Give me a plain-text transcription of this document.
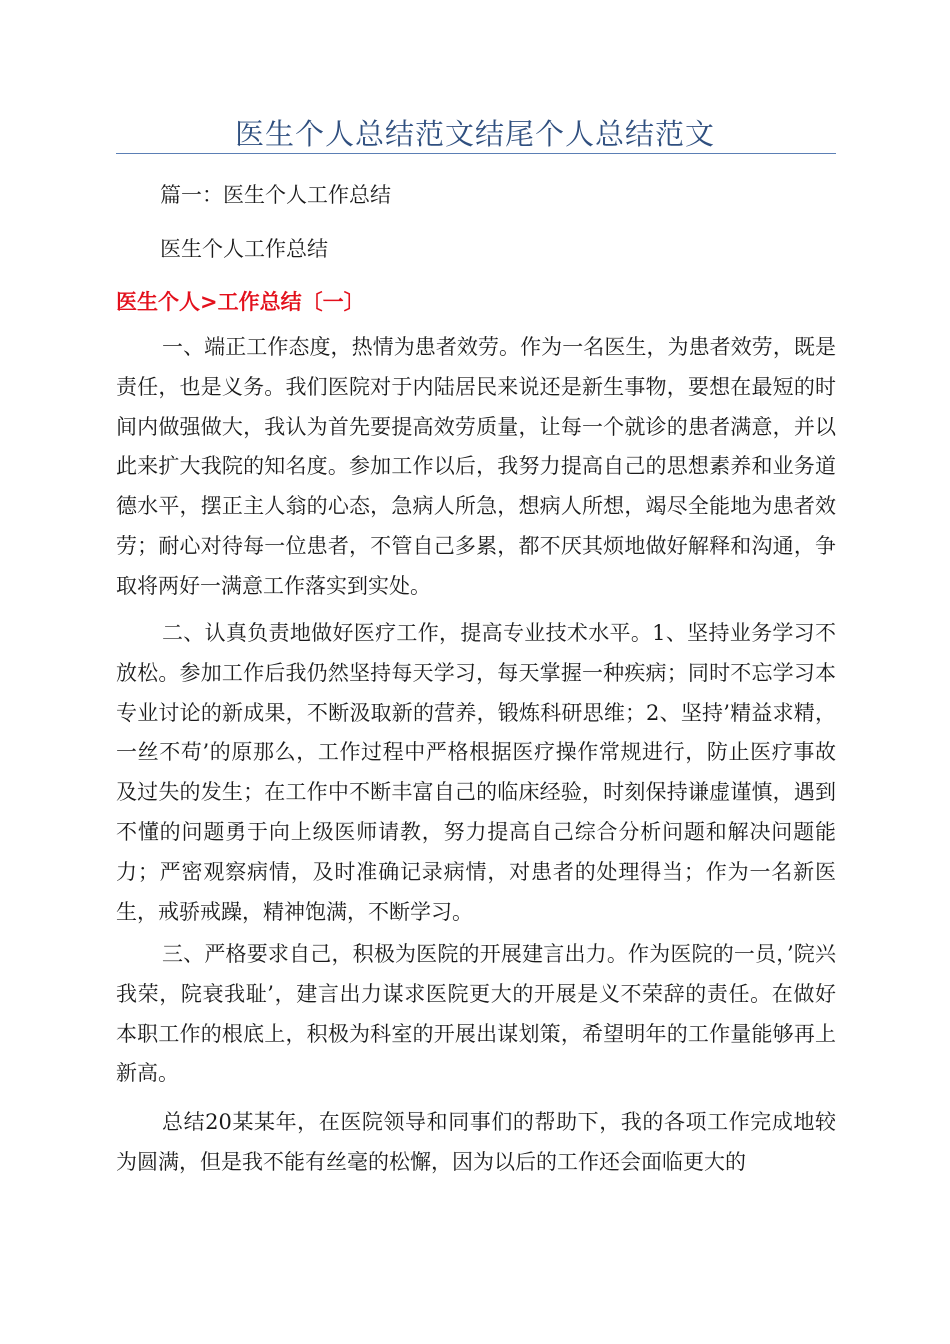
医生个人总结范文结尾个人总结范文
篇一：医生个人工作总结
医生个人工作总结
医生个人>工作总结〔一〕
一、端正工作态度，热情为患者效劳。作为一名医生，为患者效劳，既是责任，也是义务。我们医院对于内陆居民来说还是新生事物，要想在最短的时间内做强做大，我认为首先要提高效劳质量，让每一个就诊的患者满意，并以此来扩大我院的知名度。参加工作以后，我努力提高自己的思想素养和业务道德水平，摆正主人翁的心态，急病人所急，想病人所想，竭尽全能地为患者效劳；耐心对待每一位患者，不管自己多累，都不厌其烦地做好解释和沟通，争取将两好一满意工作落实到实处。
二、认真负责地做好医疗工作，提高专业技术水平。1、坚持业务学习不放松。参加工作后我仍然坚持每天学习，每天掌握一种疾病；同时不忘学习本专业讨论的新成果，不断汲取新的营养，锻炼科研思维；2、坚持’精益求精，一丝不苟’的原那么，工作过程中严格根据医疗操作常规进行，防止医疗事故及过失的发生；在工作中不断丰富自己的临床经验，时刻保持谦虚谨慎，遇到不懂的问题勇于向上级医师请教，努力提高自己综合分析问题和解决问题能力；严密观察病情，及时准确记录病情，对患者的处理得当；作为一名新医生，戒骄戒躁，精神饱满，不断学习。
三、严格要求自己，积极为医院的开展建言出力。作为医院的一员，’院兴我荣，院衰我耻’，建言出力谋求医院更大的开展是义不荣辞的责任。在做好本职工作的根底上，积极为科室的开展出谋划策，希望明年的工作量能够再上新高。
总结20某某年，在医院领导和同事们的帮助下，我的各项工作完成地较为圆满，但是我不能有丝毫的松懈，因为以后的工作还会面临更大的
